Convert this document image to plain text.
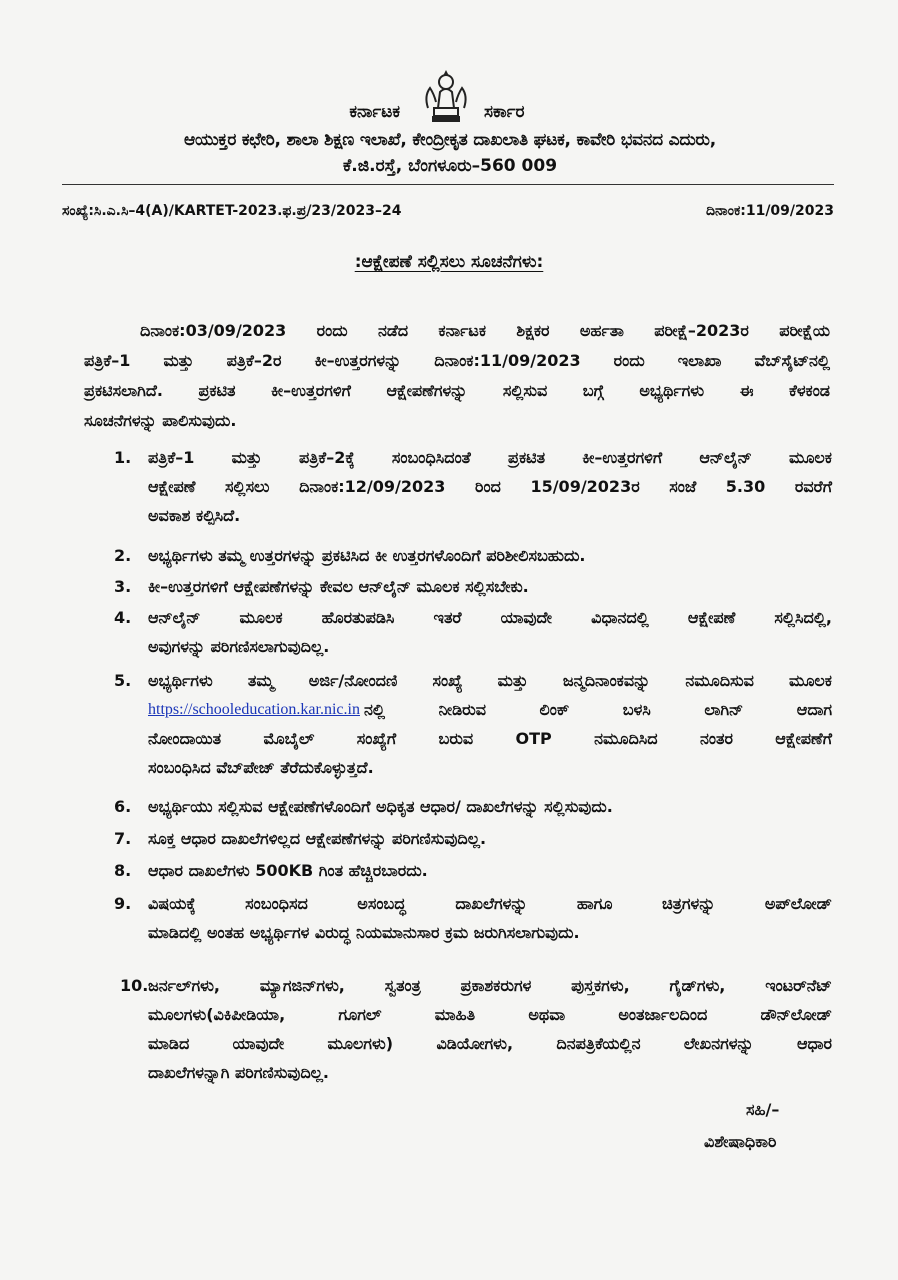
ಕರ್ನಾಟಕ	ಸರ್ಕಾರ
ಆಯುಕ್ತರ ಕಛೇರಿ, ಶಾಲಾ ಶಿಕ್ಷಣ ಇಲಾಖೆ, ಕೇಂದ್ರೀಕೃತ ದಾಖಲಾತಿ ಘಟಕ, ಕಾವೇರಿ ಭವನದ ಎದುರು,
ಕೆ.ಜಿ.ರಸ್ತೆ, ಬೆಂಗಳೂರು–560 009
ಸಂಖ್ಯೆ:ಸಿ.ಎ.ಸಿ–4(A)/KARTET-2023.ಫ.ಪ್ರ/23/2023–24	ದಿನಾಂಕ:11/09/2023
:ಆಕ್ಷೇಪಣೆ ಸಲ್ಲಿಸಲು ಸೂಚನೆಗಳು:
ದಿನಾಂಕ:03/09/2023 ರಂದು ನಡೆದ ಕರ್ನಾಟಕ ಶಿಕ್ಷಕರ ಅರ್ಹತಾ ಪರೀಕ್ಷೆ–2023ರ ಪರೀಕ್ಷೆಯ
ಪತ್ರಿಕೆ–1 ಮತ್ತು ಪತ್ರಿಕೆ–2ರ ಕೀ–ಉತ್ತರಗಳನ್ನು ದಿನಾಂಕ:11/09/2023 ರಂದು ಇಲಾಖಾ ವೆಬ್‌ಸೈಟ್‌ನಲ್ಲಿ
ಪ್ರಕಟಿಸಲಾಗಿದೆ. ಪ್ರಕಟಿತ ಕೀ–ಉತ್ತರಗಳಿಗೆ ಆಕ್ಷೇಪಣೆಗಳನ್ನು ಸಲ್ಲಿಸುವ ಬಗ್ಗೆ ಅಭ್ಯರ್ಥಿಗಳು ಈ ಕೆಳಕಂಡ
ಸೂಚನೆಗಳನ್ನು ಪಾಲಿಸುವುದು.
1.	ಪತ್ರಿಕೆ–1 ಮತ್ತು ಪತ್ರಿಕೆ–2ಕ್ಕೆ ಸಂಬಂಧಿಸಿದಂತೆ ಪ್ರಕಟಿತ ಕೀ–ಉತ್ತರಗಳಿಗೆ ಆನ್‌ಲೈನ್ ಮೂಲಕ
ಆಕ್ಷೇಪಣೆ ಸಲ್ಲಿಸಲು ದಿನಾಂಕ:12/09/2023 ರಿಂದ 15/09/2023ರ ಸಂಜೆ 5.30 ರವರೆಗೆ
ಅವಕಾಶ ಕಲ್ಪಿಸಿದೆ.
2.	ಅಭ್ಯರ್ಥಿಗಳು ತಮ್ಮ ಉತ್ತರಗಳನ್ನು ಪ್ರಕಟಿಸಿದ ಕೀ ಉತ್ತರಗಳೊಂದಿಗೆ ಪರಿಶೀಲಿಸಬಹುದು.
3.	ಕೀ–ಉತ್ತರಗಳಿಗೆ ಆಕ್ಷೇಪಣೆಗಳನ್ನು ಕೇವಲ ಆನ್‌ಲೈನ್ ಮೂಲಕ ಸಲ್ಲಿಸಬೇಕು.
4.	ಆನ್‌ಲೈನ್ ಮೂಲಕ ಹೊರತುಪಡಿಸಿ ಇತರೆ ಯಾವುದೇ ವಿಧಾನದಲ್ಲಿ ಆಕ್ಷೇಪಣೆ ಸಲ್ಲಿಸಿದಲ್ಲಿ,
ಅವುಗಳನ್ನು ಪರಿಗಣಿಸಲಾಗುವುದಿಲ್ಲ.
5.	ಅಭ್ಯರ್ಥಿಗಳು ತಮ್ಮ ಅರ್ಜಿ/ನೋಂದಣಿ ಸಂಖ್ಯೆ ಮತ್ತು ಜನ್ಮದಿನಾಂಕವನ್ನು ನಮೂದಿಸುವ ಮೂಲಕ
https://schooleducation.kar.nic.in ನಲ್ಲಿ ನೀಡಿರುವ ಲಿಂಕ್ ಬಳಸಿ ಲಾಗಿನ್ ಆದಾಗ
ನೋಂದಾಯಿತ ಮೊಬೈಲ್ ಸಂಖ್ಯೆಗೆ ಬರುವ OTP ನಮೂದಿಸಿದ ನಂತರ ಆಕ್ಷೇಪಣೆಗೆ
ಸಂಬಂಧಿಸಿದ ವೆಬ್‌ಪೇಜ್ ತೆರೆದುಕೊಳ್ಳುತ್ತದೆ.
6.	ಅಭ್ಯರ್ಥಿಯು ಸಲ್ಲಿಸುವ ಆಕ್ಷೇಪಣೆಗಳೊಂದಿಗೆ ಅಧಿಕೃತ ಆಧಾರ/ ದಾಖಲೆಗಳನ್ನು ಸಲ್ಲಿಸುವುದು.
7.	ಸೂಕ್ತ ಆಧಾರ ದಾಖಲೆಗಳಿಲ್ಲದ ಆಕ್ಷೇಪಣೆಗಳನ್ನು ಪರಿಗಣಿಸುವುದಿಲ್ಲ.
8.	ಆಧಾರ ದಾಖಲೆಗಳು 500KB ಗಿಂತ ಹೆಚ್ಚಿರಬಾರದು.
9.	ವಿಷಯಕ್ಕೆ ಸಂಬಂಧಿಸದ ಅಸಂಬದ್ಧ ದಾಖಲೆಗಳನ್ನು ಹಾಗೂ ಚಿತ್ರಗಳನ್ನು ಅಪ್‌ಲೋಡ್
ಮಾಡಿದಲ್ಲಿ ಅಂತಹ ಅಭ್ಯರ್ಥಿಗಳ ವಿರುದ್ಧ ನಿಯಮಾನುಸಾರ ಕ್ರಮ ಜರುಗಿಸಲಾಗುವುದು.
10. ಜರ್ನಲ್‌ಗಳು, ಮ್ಯಾಗಜಿನ್‌ಗಳು, ಸ್ವತಂತ್ರ ಪ್ರಕಾಶಕರುಗಳ ಪುಸ್ತಕಗಳು, ಗೈಡ್‌ಗಳು, ಇಂಟರ್‌ನೆಟ್
ಮೂಲಗಳು(ವಿಕಿಪೀಡಿಯಾ, ಗೂಗಲ್ ಮಾಹಿತಿ ಅಥವಾ ಅಂತರ್ಜಾಲದಿಂದ ಡೌನ್‌ಲೋಡ್
ಮಾಡಿದ ಯಾವುದೇ ಮೂಲಗಳು) ವಿಡಿಯೋಗಳು, ದಿನಪತ್ರಿಕೆಯಲ್ಲಿನ ಲೇಖನಗಳನ್ನು ಆಧಾರ
ದಾಖಲೆಗಳನ್ನಾಗಿ ಪರಿಗಣಿಸುವುದಿಲ್ಲ.
ಸಹಿ/–
ವಿಶೇಷಾಧಿಕಾರಿ
